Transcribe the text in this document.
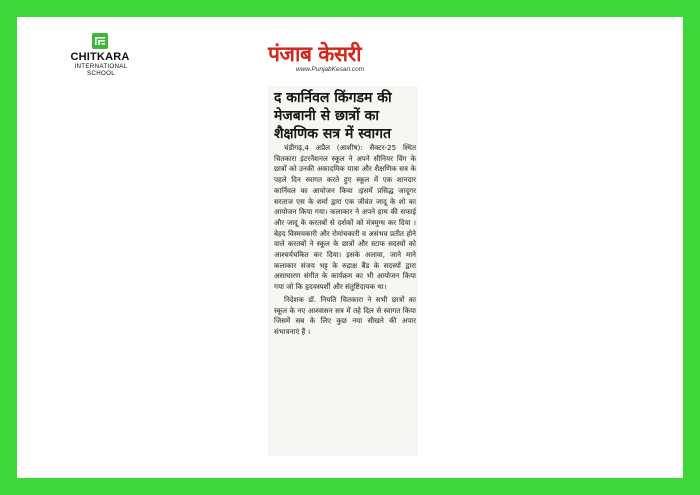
CHITKARA
INTERNATIONAL
SCHOOL
पंजाब केसरी
www.PunjabKesari.com
द कार्निवल किंगडम की
मेजबानी से छात्रों का
शैक्षणिक सत्र में स्वागत

चंडीगढ़,4 अप्रैल (आशीष): सैक्टर-25 स्थित चितकारा इंटरनैशनल स्कूल ने अपने सीनियर विंग के छात्रों को उनकी अकादमिक यात्रा और शैक्षणिक सत्र के पहले दिन स्वागत करते हुए स्कूल में एक शानदार कार्निवल का आयोजन किया ।इसमें प्रसिद्ध जादूगर सरताज एस के शर्मा द्वारा एक जीवंत जादू के शो का आयोजन किया गया। कलाकार ने अपने हाथ की सफाई और जादू के करतबों से दर्शकों को मंत्रमुग्ध कर दिया । बेहद विस्मयकारी और रोमांचकारी व असंभव प्रतीत होने वाले करतबों ने स्कूल के छात्रों और स्टाफ सदस्यों को आश्चर्यचकित कर दिया। इसके अलावा, जाने माने कलाकार संजय भट्ट के रुद्राक्ष बैंड के सदस्यों द्वारा असाधारण संगीत के कार्यक्रम का भी आयोजन किया गया जो कि हृदयस्पर्शी और संतुष्टिदायक था।

निदेशक डॉ. नियति चितकारा ने सभी छात्रों का स्कूल के नए आश्वासन सत्र में तहे दिल से स्वागत किया जिसमें सब के लिए कुछ नया सीखने की अपार संभावनाएं हैं ।
